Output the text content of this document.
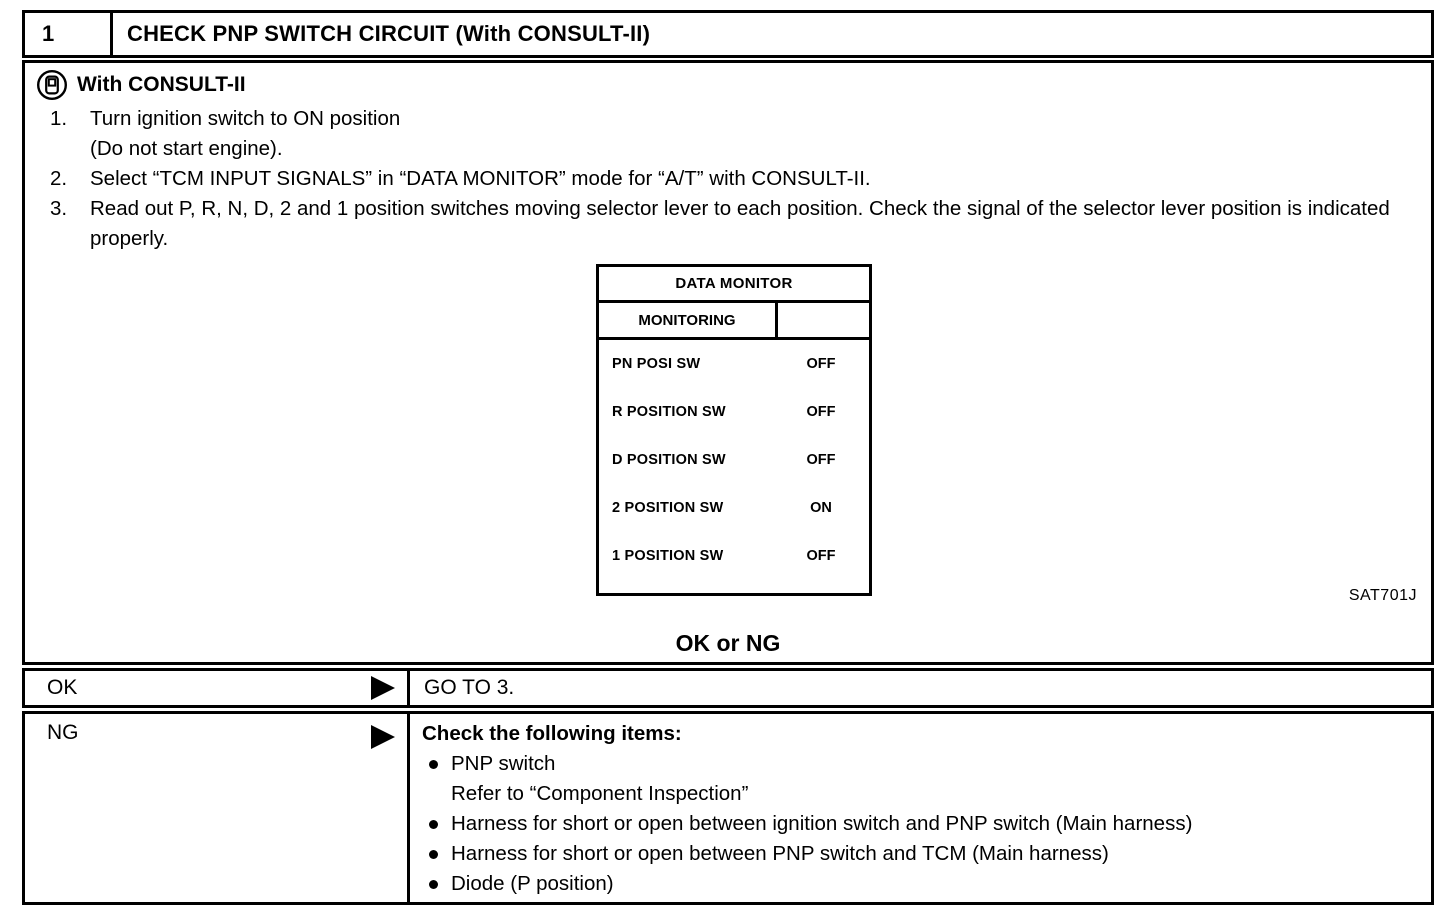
1	CHECK PNP SWITCH CIRCUIT (With CONSULT-II)
With CONSULT-II
1.	Turn ignition switch to ON position
(Do not start engine).
2.	Select “TCM INPUT SIGNALS” in “DATA MONITOR” mode for “A/T” with CONSULT-II.
3.	Read out P, R, N, D, 2 and 1 position switches moving selector lever to each position. Check the signal of the selector lever position is indicated properly.
DATA MONITOR
MONITORING
PN POSI SW	OFF
R POSITION SW	OFF
D POSITION SW	OFF
2 POSITION SW	ON
1 POSITION SW	OFF
SAT701J
OK or NG
OK	GO TO 3.
NG	Check the following items:
PNP switch
Refer to “Component Inspection”
Harness for short or open between ignition switch and PNP switch (Main harness)
Harness for short or open between PNP switch and TCM (Main harness)
Diode (P position)
